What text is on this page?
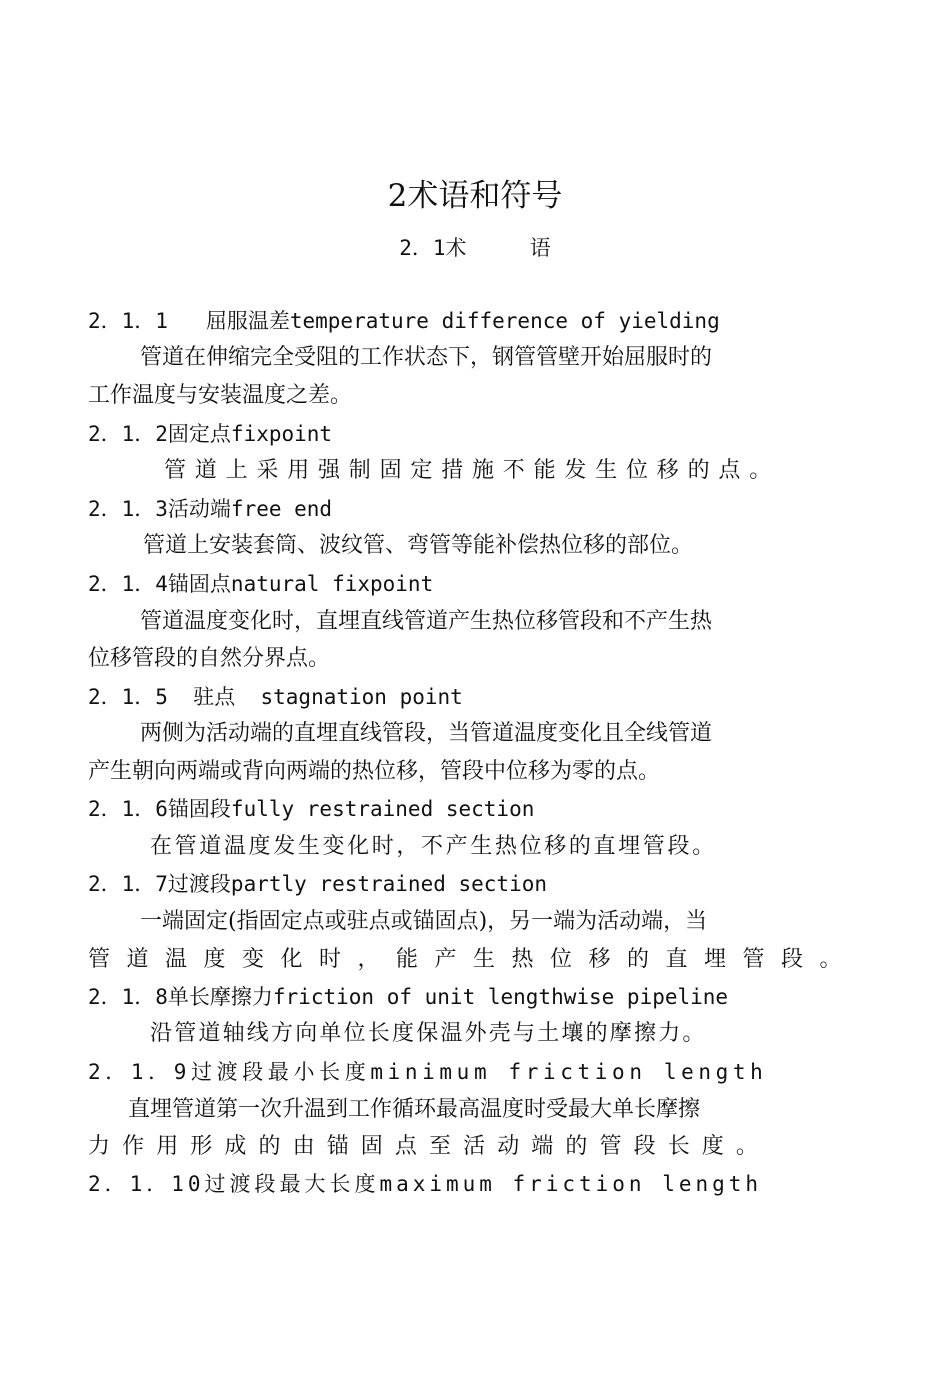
2术语和符号
2．1术     语
2．1．1   屈服温差temperature difference of yielding
管道在伸缩完全受阻的工作状态下，钢管管壁开始屈服时的
工作温度与安装温度之差。
2．1．2固定点fixpoint
管道上采用强制固定措施不能发生位移的点。
2．1．3活动端free end
管道上安装套筒、波纹管、弯管等能补偿热位移的部位。
2．1．4锚固点natural fixpoint
管道温度变化时，直埋直线管道产生热位移管段和不产生热
位移管段的自然分界点。
2．1．5  驻点  stagnation point
两侧为活动端的直埋直线管段，当管道温度变化且全线管道
产生朝向两端或背向两端的热位移，管段中位移为零的点。
2．1．6锚固段fully restrained section
在管道温度发生变化时，不产生热位移的直埋管段。
2．1．7过渡段partly restrained section
一端固定(指固定点或驻点或锚固点)，另一端为活动端，当
管道温度变化时，能产生热位移的直埋管段。
2．1．8单长摩擦力friction of unit lengthwise pipeline
沿管道轴线方向单位长度保温外壳与土壤的摩擦力。
2．1．9过渡段最小长度minimum friction length
直埋管道第一次升温到工作循环最高温度时受最大单长摩擦
力作用形成的由锚固点至活动端的管段长度。
2．1．10过渡段最大长度maximum friction length
